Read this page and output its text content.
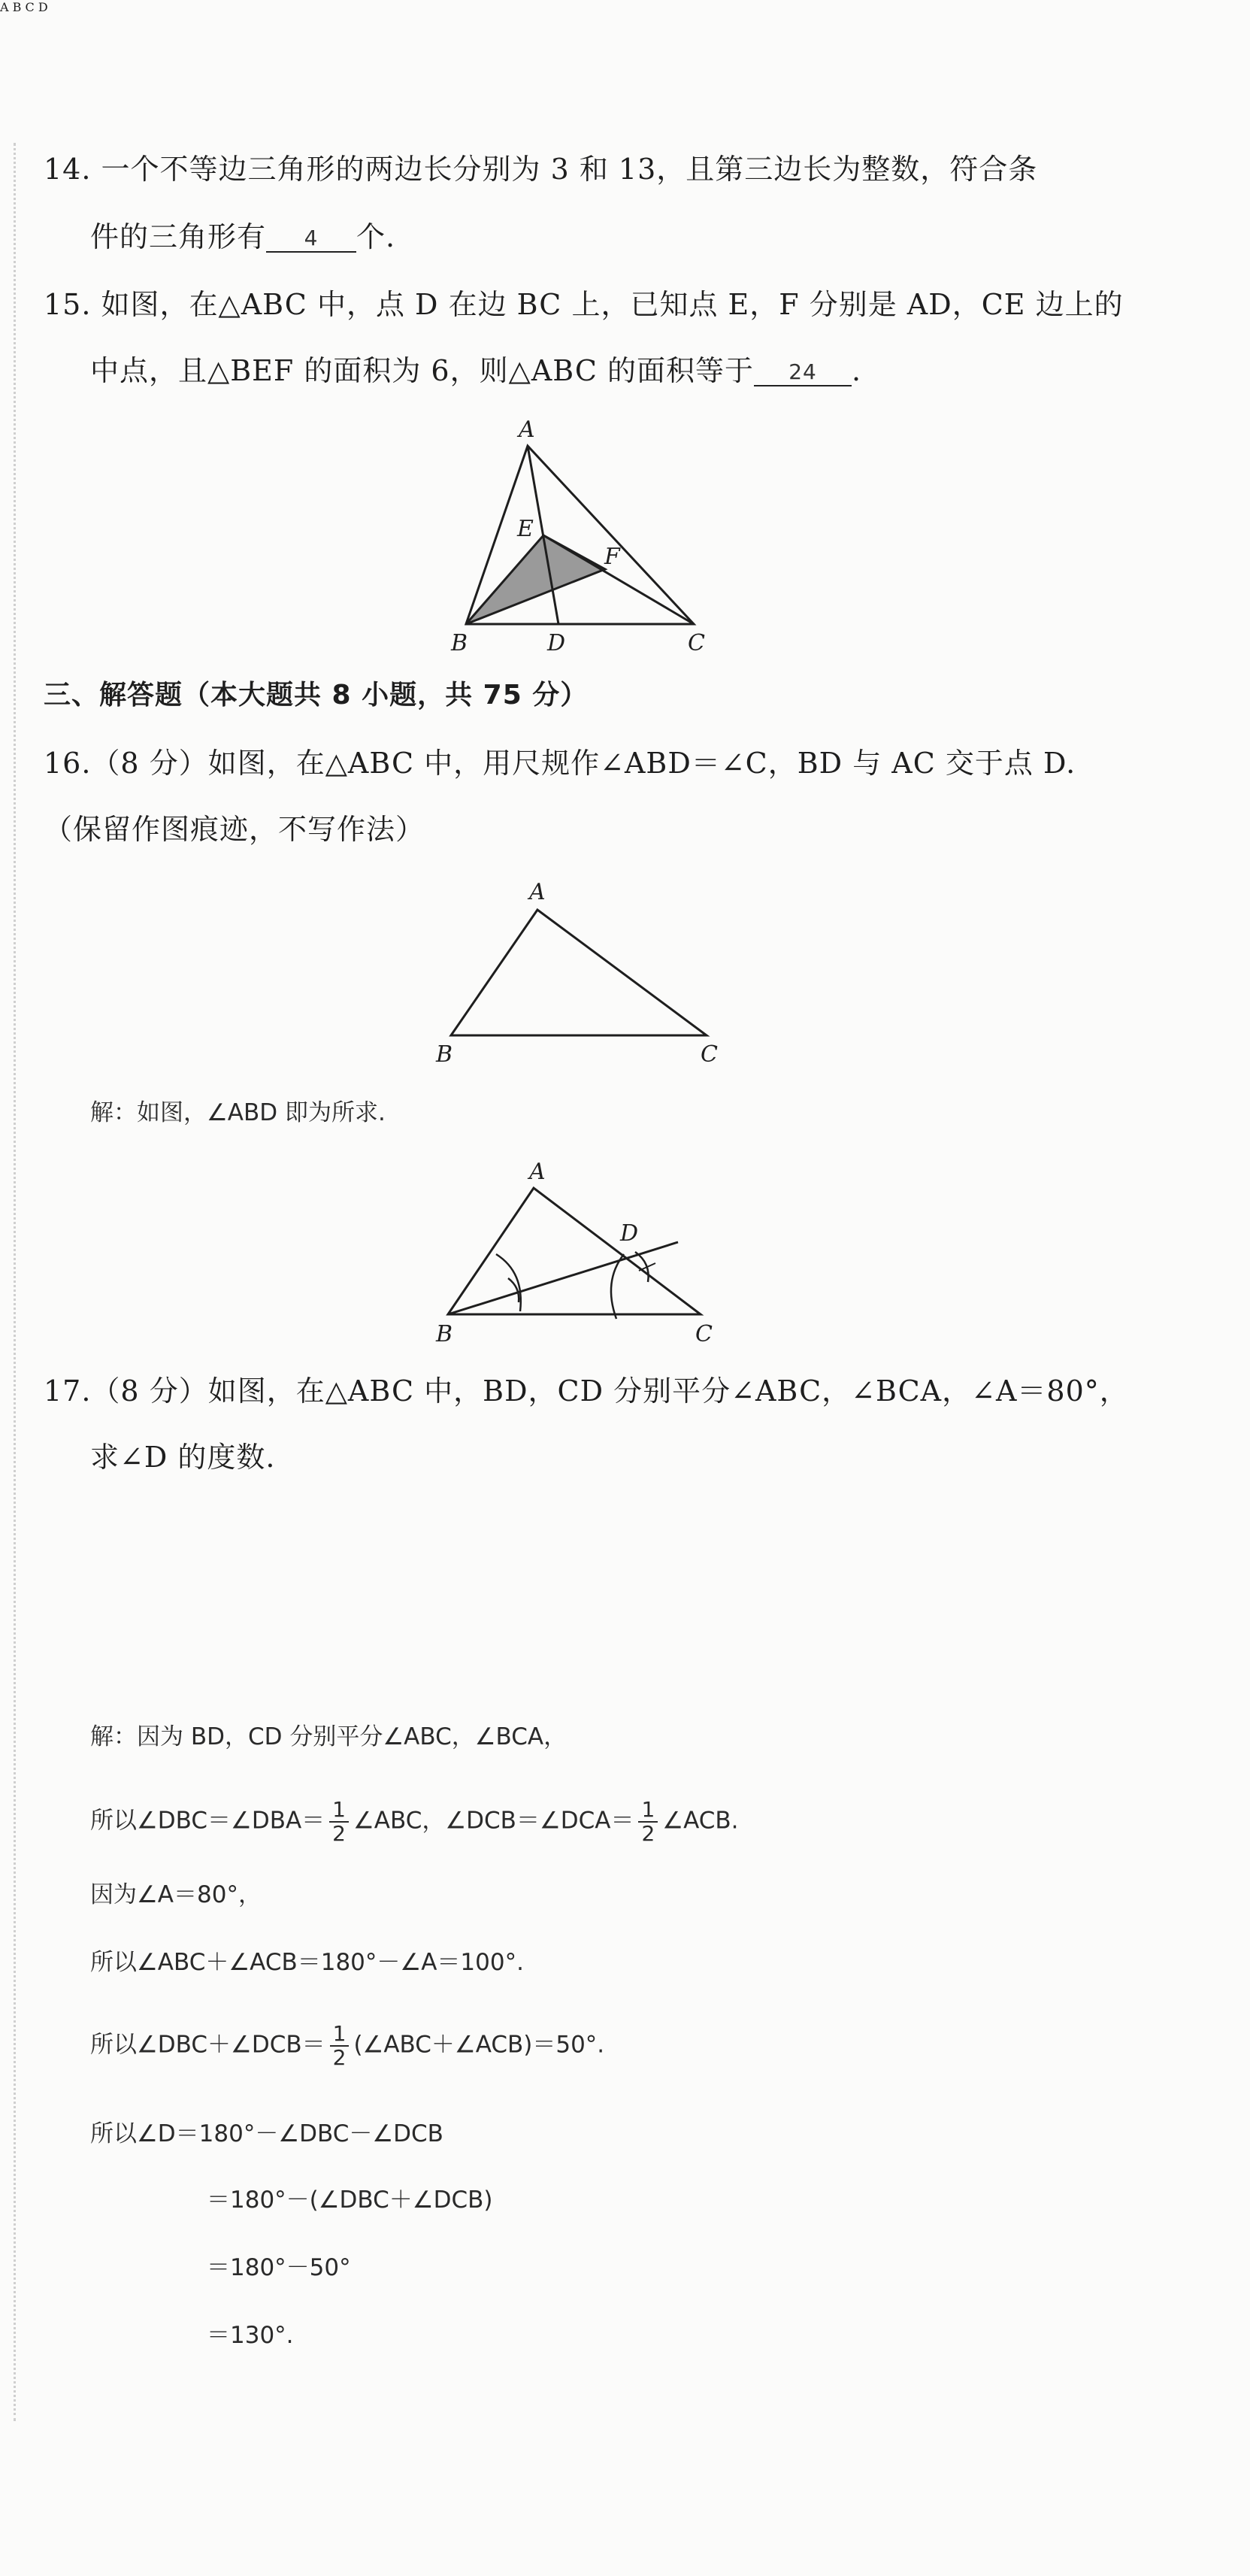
14. 一个不等边三角形的两边长分别为 3 和 13，且第三边长为整数，符合条
件的三角形有 4 个.
15. 如图，在△ABC 中，点 D 在边 BC 上，已知点 E，F 分别是 AD，CE 边上的
中点，且△BEF 的面积为 6，则△ABC 的面积等于 24 .
A
B	C
D
E
F
三、解答题（本大题共 8 小题，共 75 分）
16.（8 分）如图，在△ABC 中，用尺规作∠ABD＝∠C，BD 与 AC 交于点 D.
（保留作图痕迹，不写作法）
A
B	C
解：如图，∠ABD 即为所求.
A
B	C
D
17.（8 分）如图，在△ABC 中，BD，CD 分别平分∠ABC，∠BCA，∠A＝80°，
求∠D 的度数.
A B C D
解：因为 BD，CD 分别平分∠ABC，∠BCA，
所以∠DBC＝∠DBA＝ $\frac{1}{2}$ ∠ABC，∠DCB＝∠DCA＝ $\frac{1}{2}$ ∠ACB.
因为∠A＝80°，
所以∠ABC＋∠ACB＝180°－∠A＝100°.
所以∠DBC＋∠DCB＝ $\frac{1}{2}$ (∠ABC＋∠ACB)＝50°.
所以∠D＝180°－∠DBC－∠DCB
＝180°－(∠DBC＋∠DCB)
＝180°－50°
＝130°.
